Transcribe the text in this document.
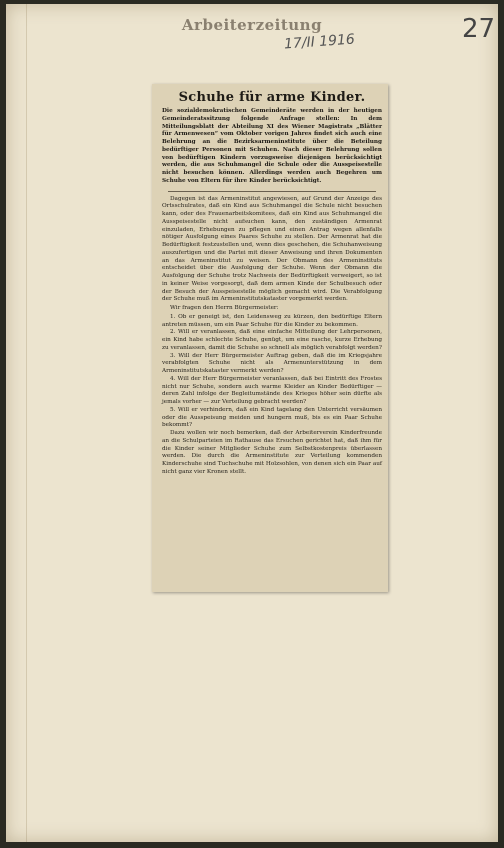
Arbeiterzeitung
17/II 1916	27
Schuhe für arme Kinder.

Die sozialdemokratischen Gemeinderäte werden in der heutigen Gemeinderatssitzung folgende Anfrage stellen: In dem Mitteilungsblatt der Abteilung XI des Wiener Magistrats „Blätter für Armenwesen“ vom Oktober vorigen Jahres findet sich auch eine Belehrung an die Bezirksarmeninstitute über die Beteilung bedürftiger Personen mit Schuhen. Nach dieser Belehrung sollen von bedürftigen Kindern vorzugsweise diejenigen berücksichtigt werden, die aus Schuhmangel die Schule oder die Ausspeisestelle nicht besuchen können. Allerdings werden auch Begehren um Schuhe von Eltern für ihre Kinder berücksichtigt.

Dagegen ist das Armeninstitut angewiesen, auf Grund der Anzeige des Ortsschulrates, daß ein Kind aus Schuhmangel die Schule nicht besuchen kann, oder des Frauenarbeitskomitees, daß ein Kind aus Schuhmangel die Ausspeisestelle nicht aufsuchen kann, den zuständigen Armenrat einzuladen, Erhebungen zu pflegen und einen Antrag wegen allenfalls nötiger Ausfolgung eines Paares Schuhe zu stellen. Der Armenrat hat die Bedürftigkeit festzustellen und, wenn dies geschehen, die Schuhanweisung auszufertigen und die Partei mit dieser Anweisung und ihren Dokumenten an das Armeninstitut zu weisen. Der Obmann des Armeninstituts entscheidet über die Ausfolgung der Schuhe. Wenn der Obmann die Ausfolgung der Schuhe trotz Nachweis der Bedürftigkeit verweigert, so ist in keiner Weise vorgesorgt, daß dem armen Kinde der Schulbesuch oder der Besuch der Ausspeisestelle möglich gemacht wird. Die Verabfolgung der Schuhe muß im Armeninstitutskataster vorgemerkt werden.

Wir fragen den Herrn Bürgermeister:

1. Ob er geneigt ist, den Leidensweg zu kürzen, den bedürftige Eltern antreten müssen, um ein Paar Schuhe für die Kinder zu bekommen.
2. Will er veranlassen, daß eine einfache Mitteilung der Lehrpersonen, ein Kind habe schlechte Schuhe, genügt, um eine rasche, kurze Erhebung zu veranlassen, damit die Schuhe so schnell als möglich verabfolgt werden?
3. Will der Herr Bürgermeister Auftrag geben, daß die im Kriegsjahre verabfolgten Schuhe nicht als Armenunterstützung in dem Armeninstitutskataster vermerkt werden?
4. Will der Herr Bürgermeister veranlassen, daß bei Eintritt des Frostes nicht nur Schuhe, sondern auch warme Kleider an Kinder Bedürftiger — deren Zahl infolge der Begleitumstände des Krieges höher sein dürfte als jemals vorher — zur Verteilung gebracht werden?
5. Will er verhindern, daß ein Kind tagelang den Unterricht versäumen oder die Ausspeisung meiden und hungern muß, bis es ein Paar Schuhe bekommt?

Dazu wollen wir noch bemerken, daß der Arbeiterverein Kinderfreunde an die Schulparteien im Rathause das Ersuchen gerichtet hat, daß ihm für die Kinder seiner Mitglieder Schuhe zum Selbstkostenpreis überlassen werden. Die durch die Armeninstitute zur Verteilung kommenden Kinderschuhe sind Tuchschuhe mit Holzsohlen, von denen sich ein Paar auf nicht ganz vier Kronen stellt.
